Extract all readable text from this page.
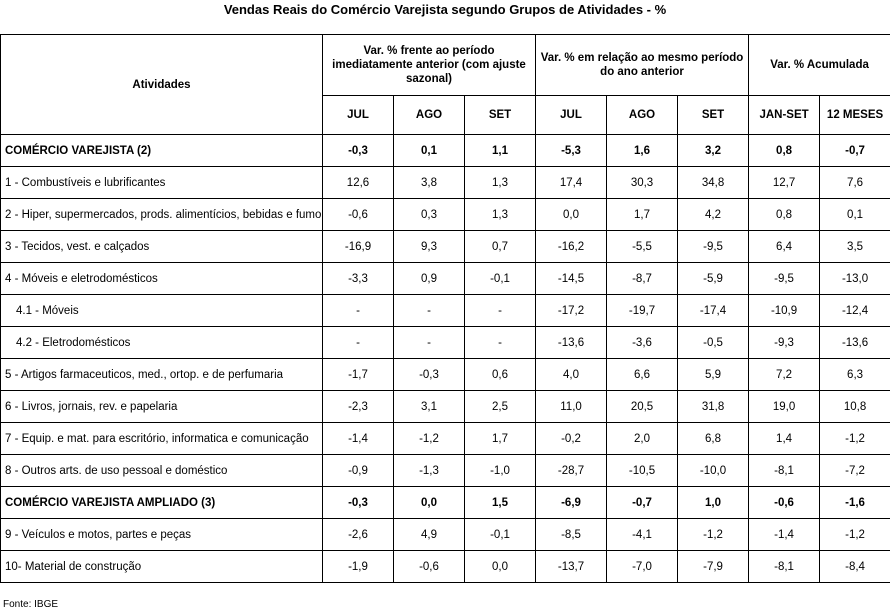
Vendas Reais do Comércio Varejista segundo Grupos de Atividades - %
Atividades	Var. % frente ao período imediatamente anterior (com ajuste sazonal)			Var. % em relação ao mesmo período do ano anterior			Var. % Acumulada	
	JUL	AGO	SET	JUL	AGO	SET	JAN-SET	12 MESES
COMÉRCIO VAREJISTA (2)	-0,3	0,1	1,1	-5,3	1,6	3,2	0,8	-0,7
1 - Combustíveis e lubrificantes	12,6	3,8	1,3	17,4	30,3	34,8	12,7	7,6
2 - Hiper, supermercados, prods. alimentícios, bebidas e fumo	-0,6	0,3	1,3	0,0	1,7	4,2	0,8	0,1
3 - Tecidos, vest. e calçados	-16,9	9,3	0,7	-16,2	-5,5	-9,5	6,4	3,5
4 - Móveis e eletrodomésticos	-3,3	0,9	-0,1	-14,5	-8,7	-5,9	-9,5	-13,0
4.1 - Móveis	-	-	-	-17,2	-19,7	-17,4	-10,9	-12,4
4.2 - Eletrodomésticos	-	-	-	-13,6	-3,6	-0,5	-9,3	-13,6
5 - Artigos farmaceuticos, med., ortop. e de perfumaria	-1,7	-0,3	0,6	4,0	6,6	5,9	7,2	6,3
6 - Livros, jornais, rev. e papelaria	-2,3	3,1	2,5	11,0	20,5	31,8	19,0	10,8
7 - Equip. e mat. para escritório, informatica e comunicação	-1,4	-1,2	1,7	-0,2	2,0	6,8	1,4	-1,2
8 - Outros arts. de uso pessoal e doméstico	-0,9	-1,3	-1,0	-28,7	-10,5	-10,0	-8,1	-7,2
COMÉRCIO VAREJISTA AMPLIADO (3)	-0,3	0,0	1,5	-6,9	-0,7	1,0	-0,6	-1,6
9 - Veículos e motos, partes e peças	-2,6	4,9	-0,1	-8,5	-4,1	-1,2	-1,4	-1,2
10- Material de construção	-1,9	-0,6	0,0	-13,7	-7,0	-7,9	-8,1	-8,4
Fonte: IBGE
